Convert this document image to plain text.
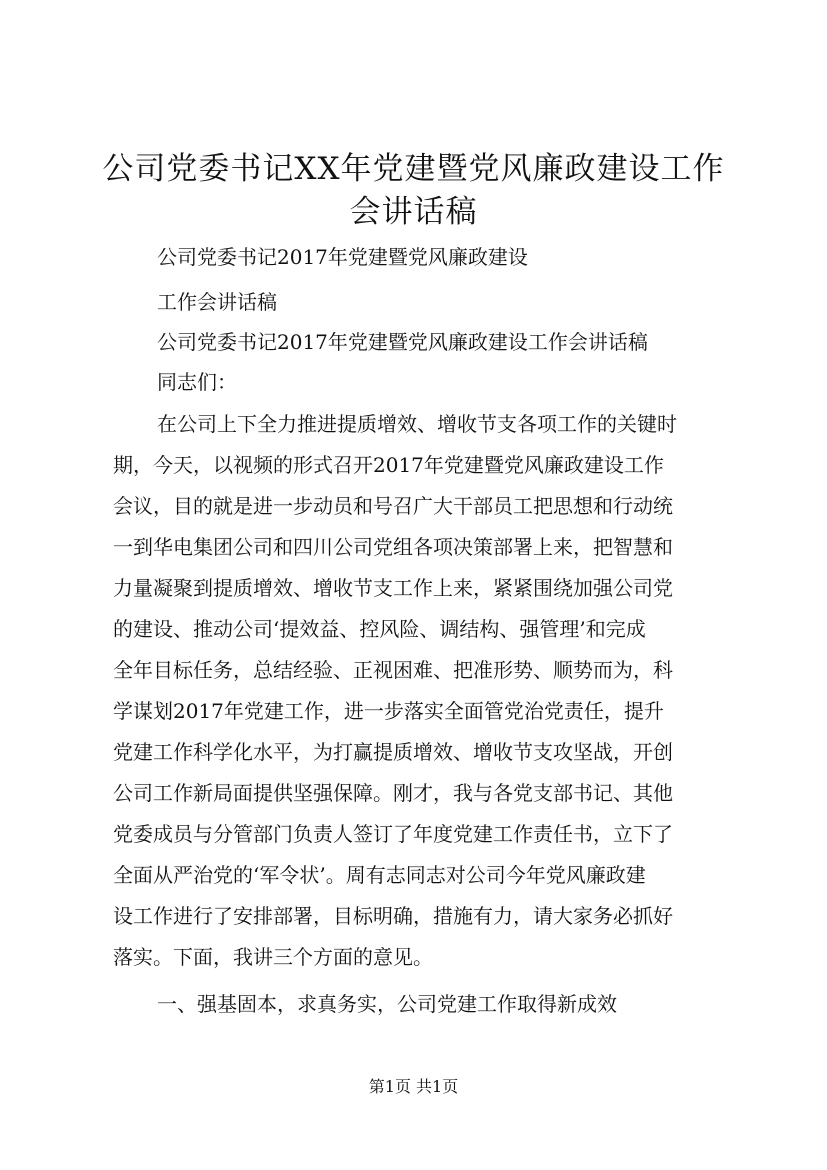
公司党委书记XX年党建暨党风廉政建设工作
会讲话稿

公司党委书记2017年党建暨党风廉政建设

工作会讲话稿

公司党委书记2017年党建暨党风廉政建设工作会讲话稿

同志们：

在公司上下全力推进提质增效、增收节支各项工作的关键时

期，今天，以视频的形式召开2017年党建暨党风廉政建设工作

会议，目的就是进一步动员和号召广大干部员工把思想和行动统

一到华电集团公司和四川公司党组各项决策部署上来，把智慧和

力量凝聚到提质增效、增收节支工作上来，紧紧围绕加强公司党

的建设、推动公司‘提效益、控风险、调结构、强管理’和完成

全年目标任务，总结经验、正视困难、把准形势、顺势而为，科

学谋划2017年党建工作，进一步落实全面管党治党责任，提升

党建工作科学化水平，为打赢提质增效、增收节支攻坚战，开创

公司工作新局面提供坚强保障。刚才，我与各党支部书记、其他

党委成员与分管部门负责人签订了年度党建工作责任书，立下了

全面从严治党的‘军令状’。周有志同志对公司今年党风廉政建

设工作进行了安排部署，目标明确，措施有力，请大家务必抓好

落实。下面，我讲三个方面的意见。

一、强基固本，求真务实，公司党建工作取得新成效

第1页 共1页
